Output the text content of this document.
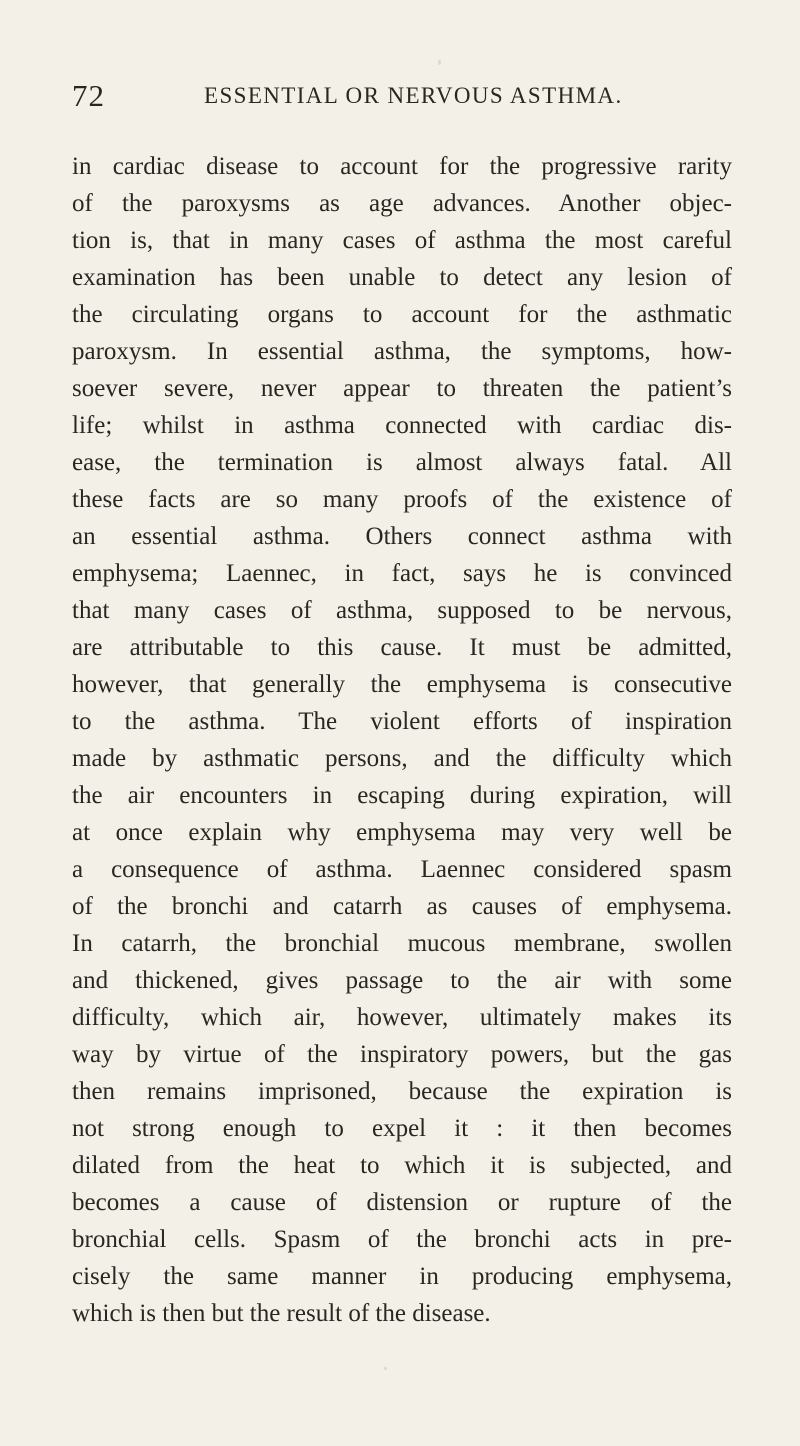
72	ESSENTIAL OR NERVOUS ASTHMA.
in cardiac disease to account for the progressive rarity
of the paroxysms as age advances. Another objec-
tion is, that in many cases of asthma the most careful
examination has been unable to detect any lesion of
the circulating organs to account for the asthmatic
paroxysm. In essential asthma, the symptoms, how-
soever severe, never appear to threaten the patient’s
life; whilst in asthma connected with cardiac dis-
ease, the termination is almost always fatal. All
these facts are so many proofs of the existence of
an essential asthma. Others connect asthma with
emphysema; Laennec, in fact, says he is convinced
that many cases of asthma, supposed to be nervous,
are attributable to this cause. It must be admitted,
however, that generally the emphysema is consecutive
to the asthma. The violent efforts of inspiration
made by asthmatic persons, and the difficulty which
the air encounters in escaping during expiration, will
at once explain why emphysema may very well be
a consequence of asthma. Laennec considered spasm
of the bronchi and catarrh as causes of emphysema.
In catarrh, the bronchial mucous membrane, swollen
and thickened, gives passage to the air with some
difficulty, which air, however, ultimately makes its
way by virtue of the inspiratory powers, but the gas
then remains imprisoned, because the expiration is
not strong enough to expel it : it then becomes
dilated from the heat to which it is subjected, and
becomes a cause of distension or rupture of the
bronchial cells. Spasm of the bronchi acts in pre-
cisely the same manner in producing emphysema,
which is then but the result of the disease.
